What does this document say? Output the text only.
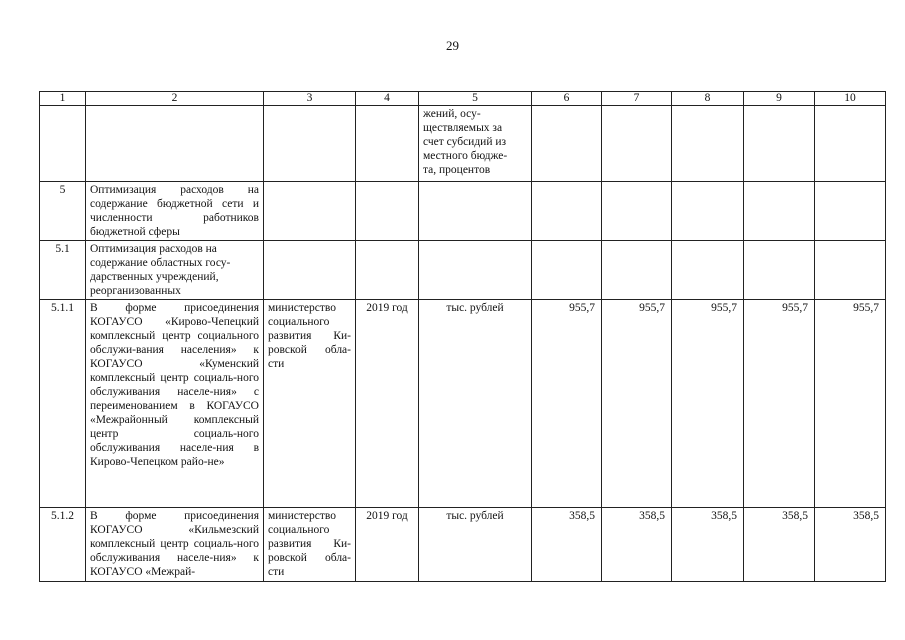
29
1	2	3	4	5	6	7	8	9	10
				жений, осу-
ществляемых за
счет субсидий из
местного бюдже-
та, процентов					
5	Оптимизация расходов на содержание бюджетной сети и численности работников бюджетной сферы								
5.1	Оптимизация расходов на содержание областных госу-дарственных учреждений, реорганизованных								
5.1.1	В форме присоединения КОГАУСО «Кирово-Чепецкий комплексный центр социального обслужи-вания населения» к КОГАУСО «Куменский комплексный центр социаль-ного обслуживания населе-ния» с переименованием в КОГАУСО «Межрайонный комплексный центр социаль-ного обслуживания населе-ния в Кирово-Чепецком райо-не»	министерство социального развития Ки-ровской обла-сти	2019 год	тыс. рублей	955,7	955,7	955,7	955,7	955,7
5.1.2	В форме присоединения КОГАУСО «Кильмезский комплексный центр социаль-ного обслуживания населе-ния» к КОГАУСО «Межрай-	министерство социального развития Ки-ровской обла-сти	2019 год	тыс. рублей	358,5	358,5	358,5	358,5	358,5
